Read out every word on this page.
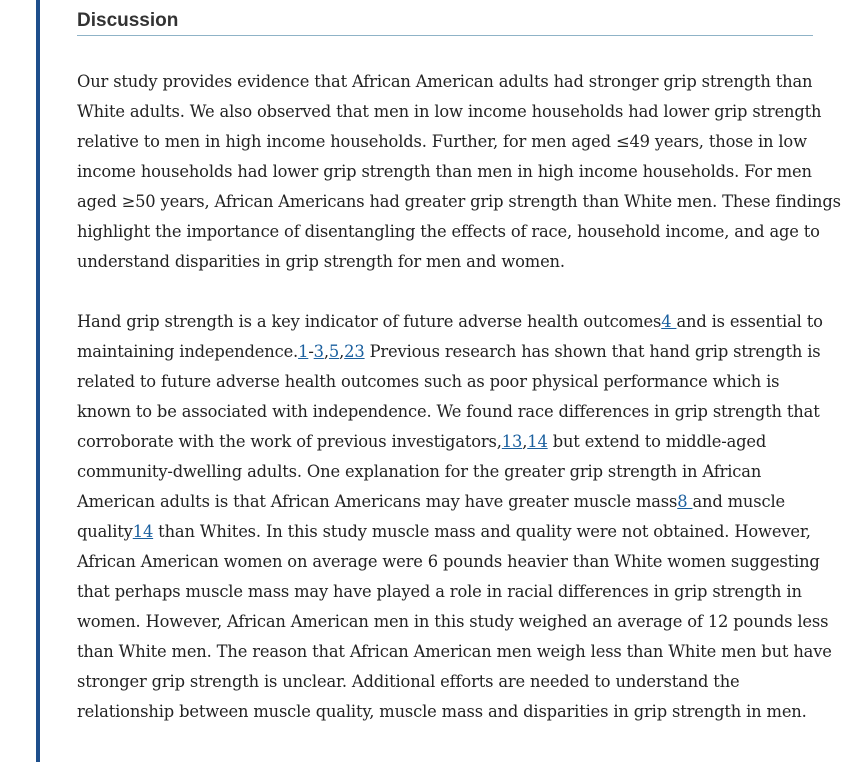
Discussion

Our study provides evidence that African American adults had stronger grip strength than
White adults. We also observed that men in low income households had lower grip strength
relative to men in high income households. Further, for men aged ≤49 years, those in low
income households had lower grip strength than men in high income households. For men
aged ≥50 years, African Americans had greater grip strength than White men. These findings
highlight the importance of disentangling the effects of race, household income, and age to
understand disparities in grip strength for men and women.

Hand grip strength is a key indicator of future adverse health outcomes4 and is essential to
maintaining independence.1-3,5,23 Previous research has shown that hand grip strength is
related to future adverse health outcomes such as poor physical performance which is
known to be associated with independence. We found race differences in grip strength that
corroborate with the work of previous investigators,13,14 but extend to middle-aged
community-dwelling adults. One explanation for the greater grip strength in African
American adults is that African Americans may have greater muscle mass8 and muscle
quality14 than Whites. In this study muscle mass and quality were not obtained. However,
African American women on average were 6 pounds heavier than White women suggesting
that perhaps muscle mass may have played a role in racial differences in grip strength in
women. However, African American men in this study weighed an average of 12 pounds less
than White men. The reason that African American men weigh less than White men but have
stronger grip strength is unclear. Additional efforts are needed to understand the
relationship between muscle quality, muscle mass and disparities in grip strength in men.
